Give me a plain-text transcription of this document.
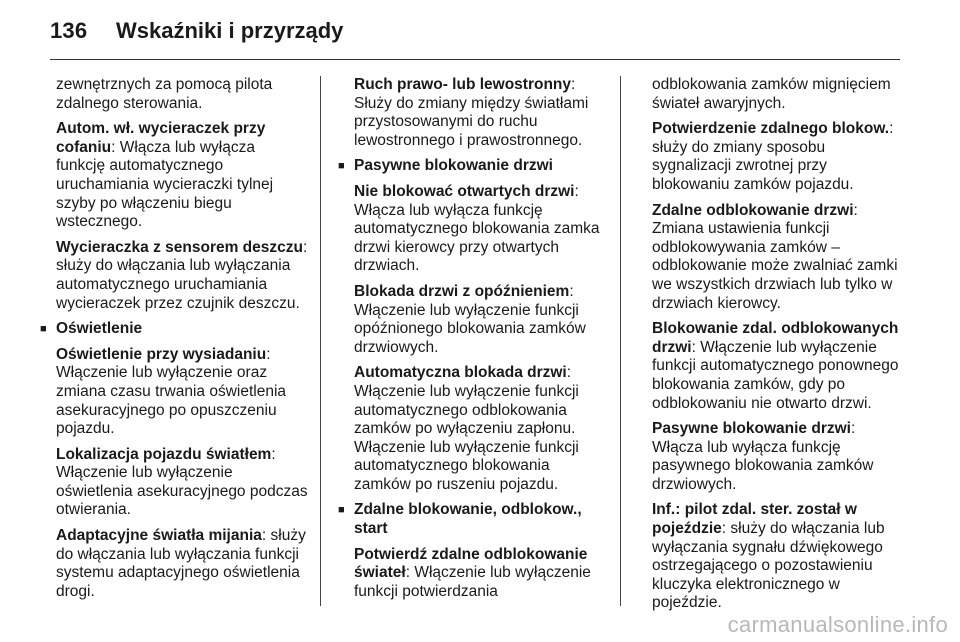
136 Wskaźniki i przyrządy

zewnętrznych za pomocą pilota zdalnego sterowania.

Autom. wł. wycieraczek przy cofaniu: Włącza lub wyłącza funkcję automatycznego uruchamiania wycieraczki tylnej szyby po włączeniu biegu wstecznego.

Wycieraczka z sensorem deszczu: służy do włączania lub wyłączania automatycznego uruchamiania wycieraczek przez czujnik deszczu.

■ Oświetlenie

Oświetlenie przy wysiadaniu: Włączenie lub wyłączenie oraz zmiana czasu trwania oświetlenia asekuracyjnego po opuszczeniu pojazdu.

Lokalizacja pojazdu światłem: Włączenie lub wyłączenie oświetlenia asekuracyjnego podczas otwierania.

Adaptacyjne światła mijania: służy do włączania lub wyłączania funkcji systemu adaptacyjnego oświetlenia drogi.

Ruch prawo- lub lewostronny: Służy do zmiany między światłami przystosowanymi do ruchu lewostronnego i prawostronnego.

■ Pasywne blokowanie drzwi

Nie blokować otwartych drzwi: Włącza lub wyłącza funkcję automatycznego blokowania zamka drzwi kierowcy przy otwartych drzwiach.

Blokada drzwi z opóźnieniem: Włączenie lub wyłączenie funkcji opóźnionego blokowania zamków drzwiowych.

Automatyczna blokada drzwi: Włączenie lub wyłączenie funkcji automatycznego odblokowania zamków po wyłączeniu zapłonu. Włączenie lub wyłączenie funkcji automatycznego blokowania zamków po ruszeniu pojazdu.

■ Zdalne blokowanie, odblokow., start

Potwierdź zdalne odblokowanie świateł: Włączenie lub wyłączenie funkcji potwierdzania

odblokowania zamków mignięciem świateł awaryjnych.

Potwierdzenie zdalnego blokow.: służy do zmiany sposobu sygnalizacji zwrotnej przy blokowaniu zamków pojazdu.

Zdalne odblokowanie drzwi: Zmiana ustawienia funkcji odblokowywania zamków – odblokowanie może zwalniać zamki we wszystkich drzwiach lub tylko w drzwiach kierowcy.

Blokowanie zdal. odblokowanych drzwi: Włączenie lub wyłączenie funkcji automatycznego ponownego blokowania zamków, gdy po odblokowaniu nie otwarto drzwi.

Pasywne blokowanie drzwi: Włącza lub wyłącza funkcję pasywnego blokowania zamków drzwiowych.

Inf.: pilot zdal. ster. został w pojeździe: służy do włączania lub wyłączania sygnału dźwiękowego ostrzegającego o pozostawieniu kluczyka elektronicznego w pojeździe.

carmanualsonline.info
